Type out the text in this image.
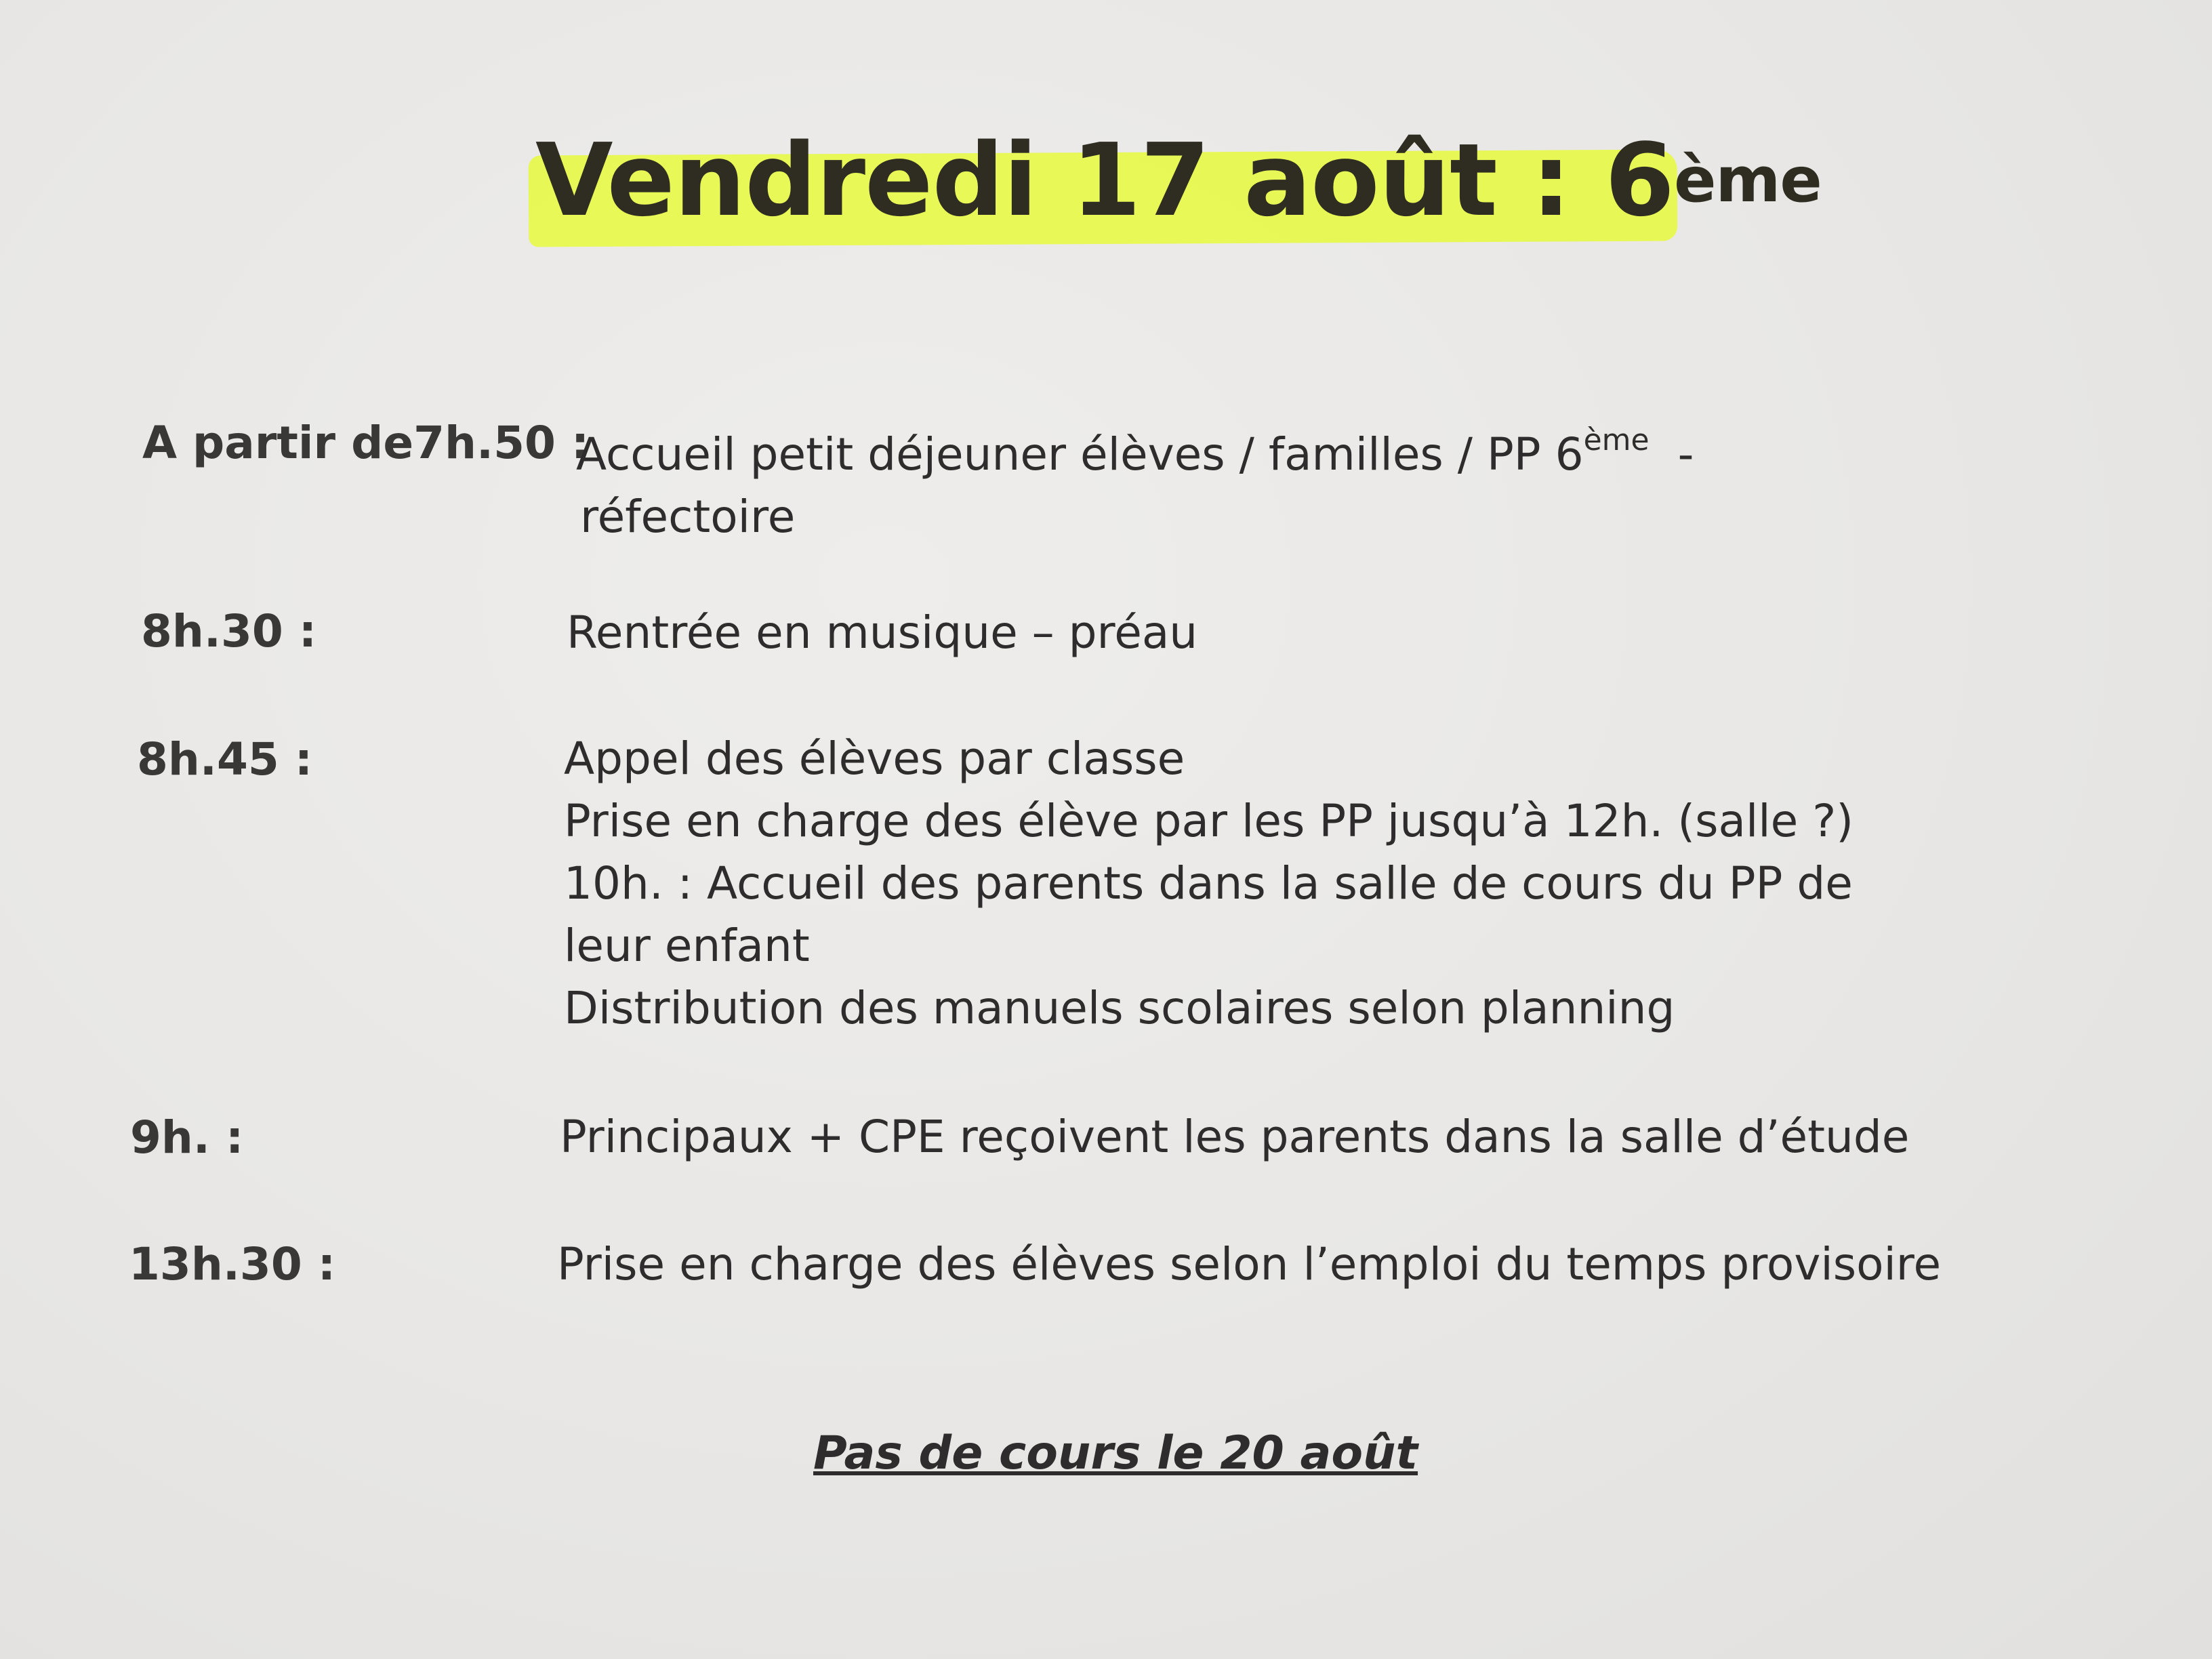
Vendredi 17 août : 6ème
A partir de7h.50 :
Accueil petit déjeuner élèves / familles / PP 6ème  -
réfectoire
8h.30 :	Rentrée en musique – préau
8h.45 :	Appel des élèves par classe
Prise en charge des élève par les PP jusqu’à 12h. (salle ?)
10h. : Accueil des parents dans la salle de cours du PP de
leur enfant
Distribution des manuels scolaires selon planning
9h. :	Principaux + CPE reçoivent les parents dans la salle d’étude
13h.30 :	Prise en charge des élèves selon l’emploi du temps provisoire
Pas de cours le 20 août
